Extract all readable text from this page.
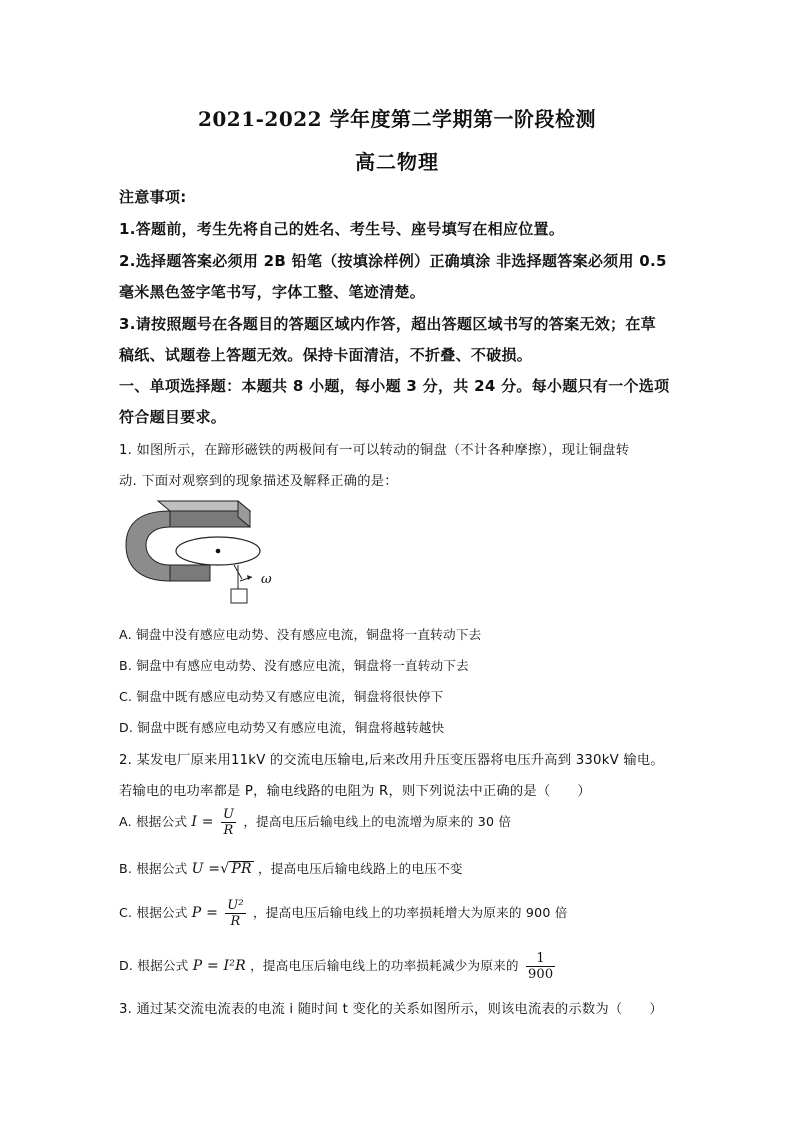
2021-2022 学年度第二学期第一阶段检测
高二物理
注意事项:
1.答题前，考生先将自己的姓名、考生号、座号填写在相应位置。
2.选择题答案必须用 2B 铅笔（按填涂样例）正确填涂 非选择题答案必须用 0.5
毫米黑色签字笔书写，字体工整、笔迹清楚。
3.请按照题号在各题目的答题区域内作答，超出答题区域书写的答案无效；在草
稿纸、试题卷上答题无效。保持卡面清洁，不折叠、不破损。
一、单项选择题：本题共 8 小题，每小题 3 分，共 24 分。每小题只有一个选项
符合题目要求。
1. 如图所示，在蹄形磁铁的两极间有一可以转动的铜盘（不计各种摩擦），现让铜盘转
动. 下面对观察到的现象描述及解释正确的是：
ω
A. 铜盘中没有感应电动势、没有感应电流，铜盘将一直转动下去
B. 铜盘中有感应电动势、没有感应电流，铜盘将一直转动下去
C. 铜盘中既有感应电动势又有感应电流，铜盘将很快停下
D. 铜盘中既有感应电动势又有感应电流，铜盘将越转越快
2. 某发电厂原来用11kV 的交流电压输电,后来改用升压变压器将电压升高到 330kV 输电。
若输电的电功率都是 P，输电线路的电阻为 R，则下列说法中正确的是（　　）
A. 根据公式 $I = \frac{U}{R}$ ，提高电压后输电线上的电流增为原来的 30 倍
B. 根据公式 U =√ PR ，提高电压后输电线路上的电压不变
C. 根据公式 $P = \frac{\text{U²}}{R}$ ，提高电压后输电线上的功率损耗增大为原来的 900 倍
D. 根据公式 P = I²R ，提高电压后输电线上的功率损耗减少为原来的 $\frac{1}{900}$
3. 通过某交流电流表的电流 i 随时间 t 变化的关系如图所示，则该电流表的示数为（　　）
